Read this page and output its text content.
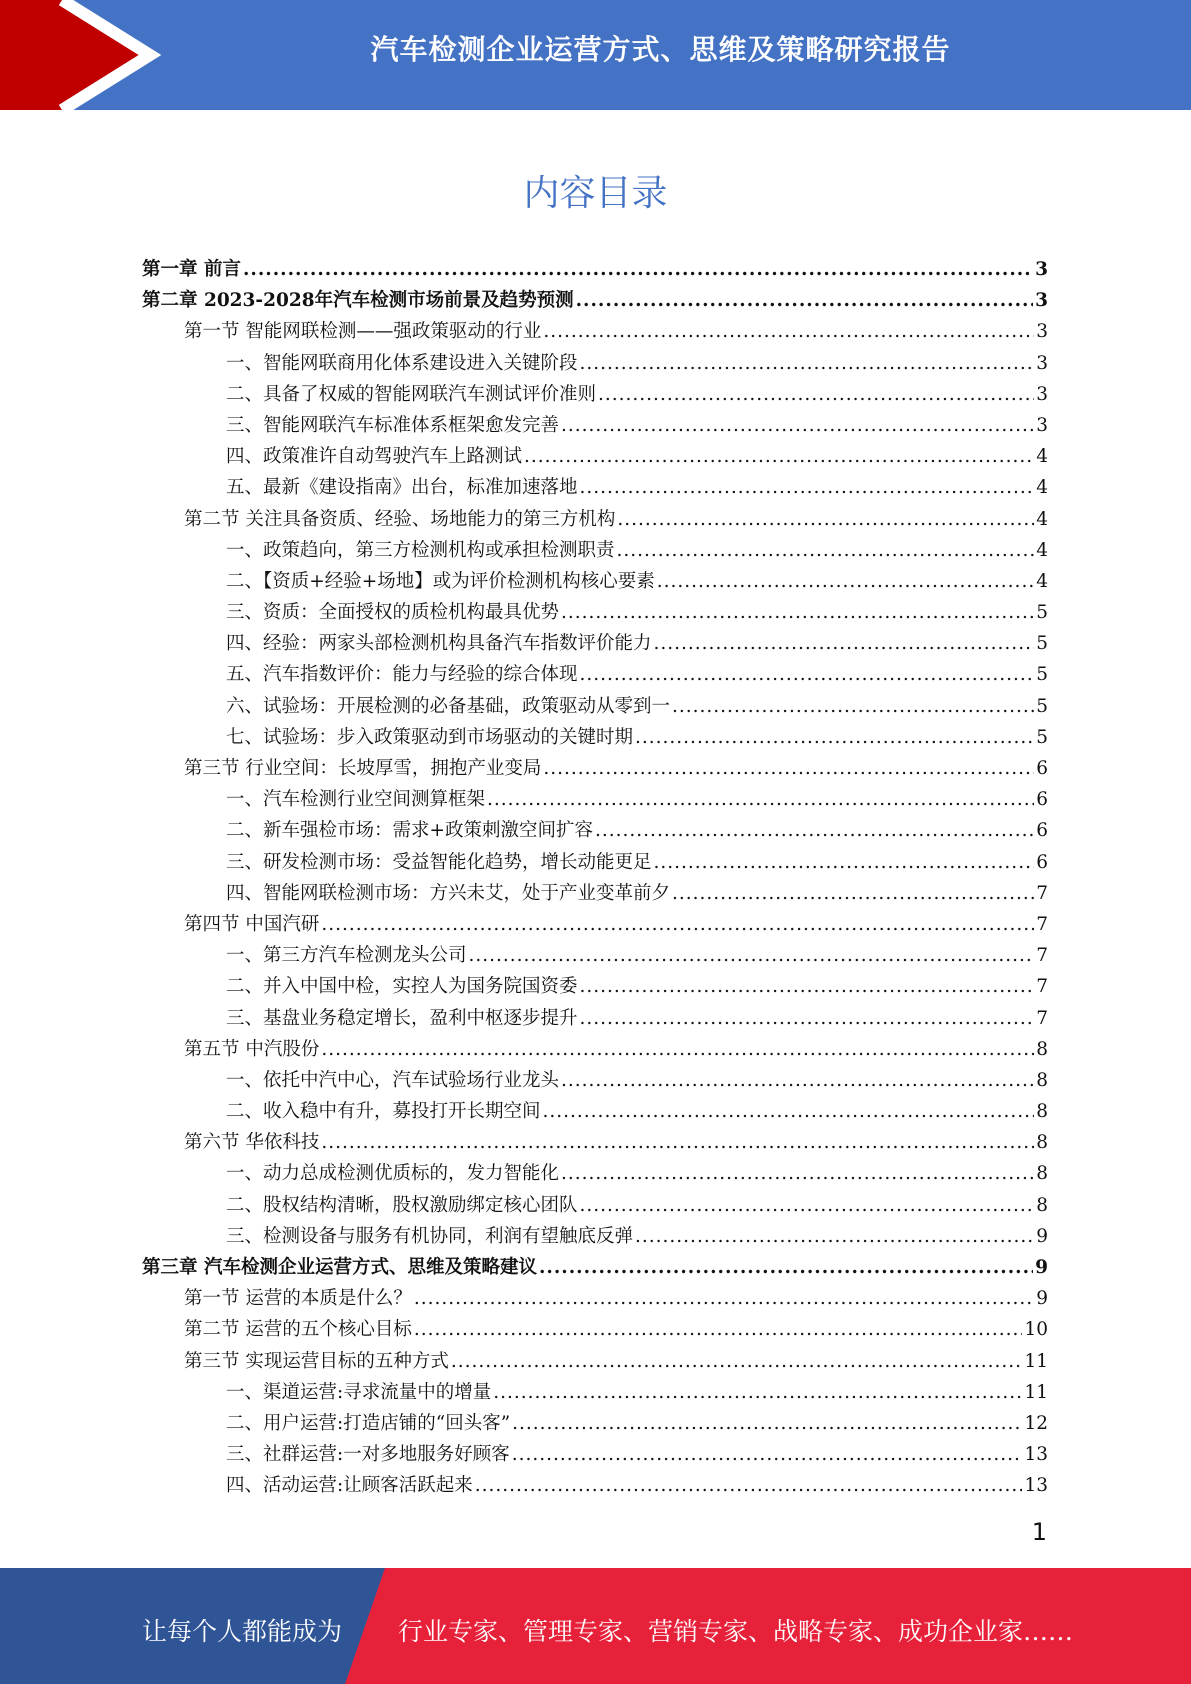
汽车检测企业运营方式、思维及策略研究报告
内容目录
第一章 前言 .....	3
第二章 2023-2028年汽车检测市场前景及趋势预测 .....	3
第一节 智能网联检测——强政策驱动的行业 .....	3
一、智能网联商用化体系建设进入关键阶段 .....	3
二、具备了权威的智能网联汽车测试评价准则 .....	3
三、智能网联汽车标准体系框架愈发完善 .....	3
四、政策准许自动驾驶汽车上路测试 .....	4
五、最新《建设指南》出台，标准加速落地 .....	4
第二节 关注具备资质、经验、场地能力的第三方机构 .....	4
一、政策趋向，第三方检测机构或承担检测职责 .....	4
二、【资质+经验+场地】或为评价检测机构核心要素 .....	4
三、资质：全面授权的质检机构最具优势 .....	5
四、经验：两家头部检测机构具备汽车指数评价能力 .....	5
五、汽车指数评价：能力与经验的综合体现 .....	5
六、试验场：开展检测的必备基础，政策驱动从零到一 .....	5
七、试验场：步入政策驱动到市场驱动的关键时期 .....	5
第三节 行业空间：长坡厚雪，拥抱产业变局 .....	6
一、汽车检测行业空间测算框架 .....	6
二、新车强检市场：需求+政策刺激空间扩容 .....	6
三、研发检测市场：受益智能化趋势，增长动能更足 .....	6
四、智能网联检测市场：方兴未艾，处于产业变革前夕 .....	7
第四节 中国汽研 .....	7
一、第三方汽车检测龙头公司 .....	7
二、并入中国中检，实控人为国务院国资委 .....	7
三、基盘业务稳定增长，盈利中枢逐步提升 .....	7
第五节 中汽股份 .....	8
一、依托中汽中心，汽车试验场行业龙头 .....	8
二、收入稳中有升，募投打开长期空间 .....	8
第六节 华依科技 .....	8
一、动力总成检测优质标的，发力智能化 .....	8
二、股权结构清晰，股权激励绑定核心团队 .....	8
三、检测设备与服务有机协同，利润有望触底反弹 .....	9
第三章 汽车检测企业运营方式、思维及策略建议 .....	9
第一节 运营的本质是什么？ .....	9
第二节 运营的五个核心目标 .....	10
第三节 实现运营目标的五种方式 .....	11
一、渠道运营:寻求流量中的增量 .....	11
二、用户运营:打造店铺的“回头客” .....	12
三、社群运营:一对多地服务好顾客 .....	13
四、活动运营:让顾客活跃起来 .....	13
1
让每个人都能成为 行业专家、管理专家、营销专家、战略专家、成功企业家……
